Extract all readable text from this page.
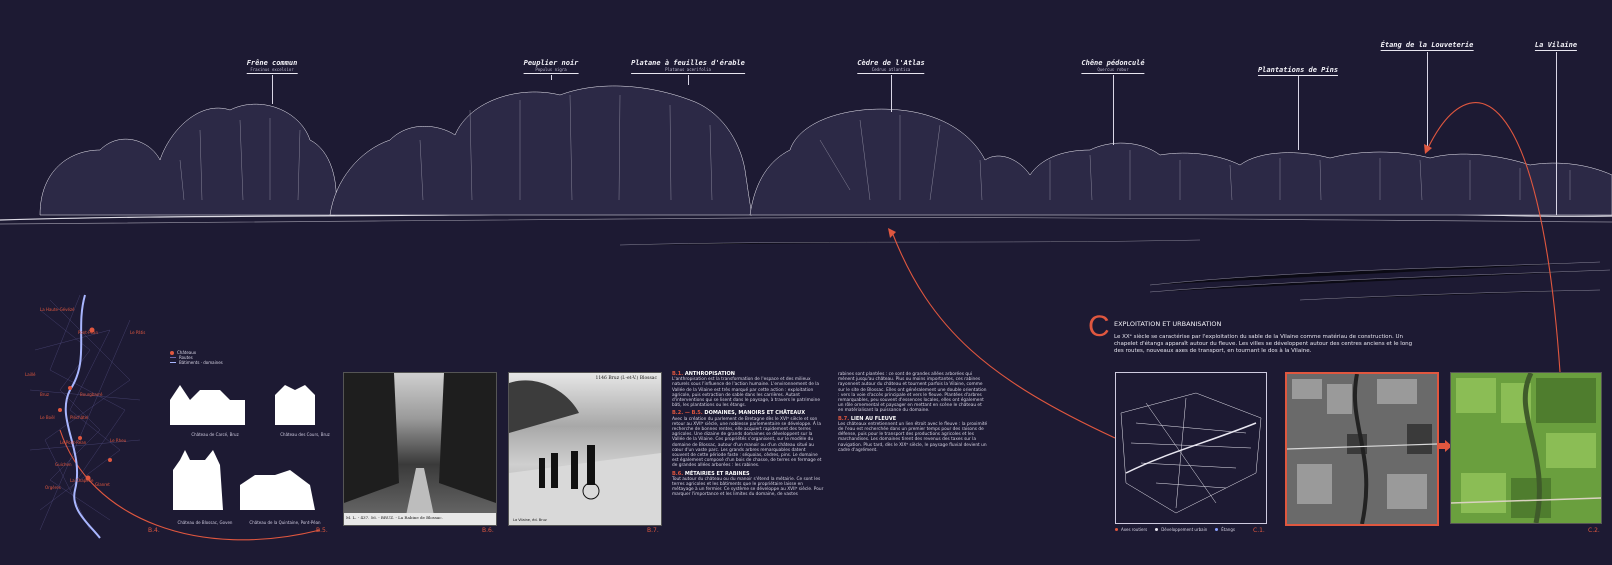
Frêne commun
Fraxinus excelsior
Peuplier noir
Populus nigra
Platane à feuilles d'érable
Platanus acerifolia
Cèdre de l'Atlas
Cedrus atlantica
Chêne pédonculé
Quercus robur	Plantations de Pins
Étang de la Louveterie	La Vilaine
La Haute-Gévézé
Pont-Péan	Le Pâtis
Laillé
Bruz	Bourgbarré
Le Boël	Pléchâtel
Le Pont-Réan	Le Rheu
Guichen
La Chapelle
Glanret
Orgères
Châteaux
Routes
Bâtiments · domaines
B.4.
Château de Carcé, Bruz	Château des Cours, Bruz
Château de Blossac, Goven	Château de la Quintaine, Pont-Péan
B.5.
M. L. - 437. 56. - BRUZ. - La Rabine de Blossac.
B.6.
1146 Bruz (I.-et-V.) Blossac
La Vilaine, éd. Bruz
B.7.
B.1. ANTHROPISATION
L'anthropisation est la transformation de l'espace et des milieux naturels sous l'influence de l'action humaine. L'environnement de la Vallée de la Vilaine est très marqué par cette action : exploitation agricole, puis extraction de sable dans les carrières. Autant d'interventions qui se lisent dans le paysage, à travers le patrimoine bâti, les plantations ou les étangs.
B.2. — B.5. DOMAINES, MANOIRS ET CHÂTEAUX
Avec la création du parlement de Bretagne dès le XVIᵉ siècle et son retour au XVIIᵉ siècle, une noblesse parlementaire se développe. À la recherche de bonnes rentes, elle acquiert rapidement des terres agricoles. Une dizaine de grands domaines se développent sur la Vallée de la Vilaine. Ces propriétés s'organisent, sur le modèle du domaine de Blossac, autour d'un manoir ou d'un château situé au cœur d'un vaste parc. Les grands arbres remarquables datent souvent de cette période faste : séquoias, cèdres, pins. Le domaine est également composé d'un bois de chasse, de terres en fermage et de grandes allées arborées : les rabines.
B.6. MÉTAIRIES ET RABINES
Tout autour du château ou du manoir s'étend la métairie. Ce sont les terres agricoles et les bâtiments que le propriétaire laisse en métayage à un fermier. Ce système se développe au XVIIᵉ siècle. Pour marquer l'importance et les limites du domaine, de vastes
rabines sont plantées : ce sont de grandes allées arborées qui mènent jusqu'au château. Plus ou moins importantes, ces rabines rayonnent autour du château et tournent parfois la Vilaine, comme sur le site de Blossac. Elles ont généralement une double orientation : vers la voie d'accès principale et vers le fleuve. Plantées d'arbres remarquables, peu souvent d'essences locales, elles ont également un rôle ornemental et paysager en mettant en scène le château et en matérialisant la puissance du domaine.
B.7. LIEN AU FLEUVE
Les châteaux entretiennent un lien étroit avec le fleuve : la proximité de l'eau est recherchée dans un premier temps pour des raisons de défense, puis pour le transport des productions agricoles et les marchandises. Les domaines tirent des revenus des taxes sur la navigation. Plus tard, dès le XIXᵉ siècle, le paysage fluvial devient un cadre d'agrément.
C EXPLOITATION ET URBANISATION
Le XXᵉ siècle se caractérise par l'exploitation du sable de la Vilaine comme matériau de construction. Un chapelet d'étangs apparaît autour du fleuve. Les villes se développent autour des centres anciens et le long des routes, nouveaux axes de transport, en tournant le dos à la Vilaine.
Axes routiers	Développement urbain	Étangs	C.1.	C.2.
